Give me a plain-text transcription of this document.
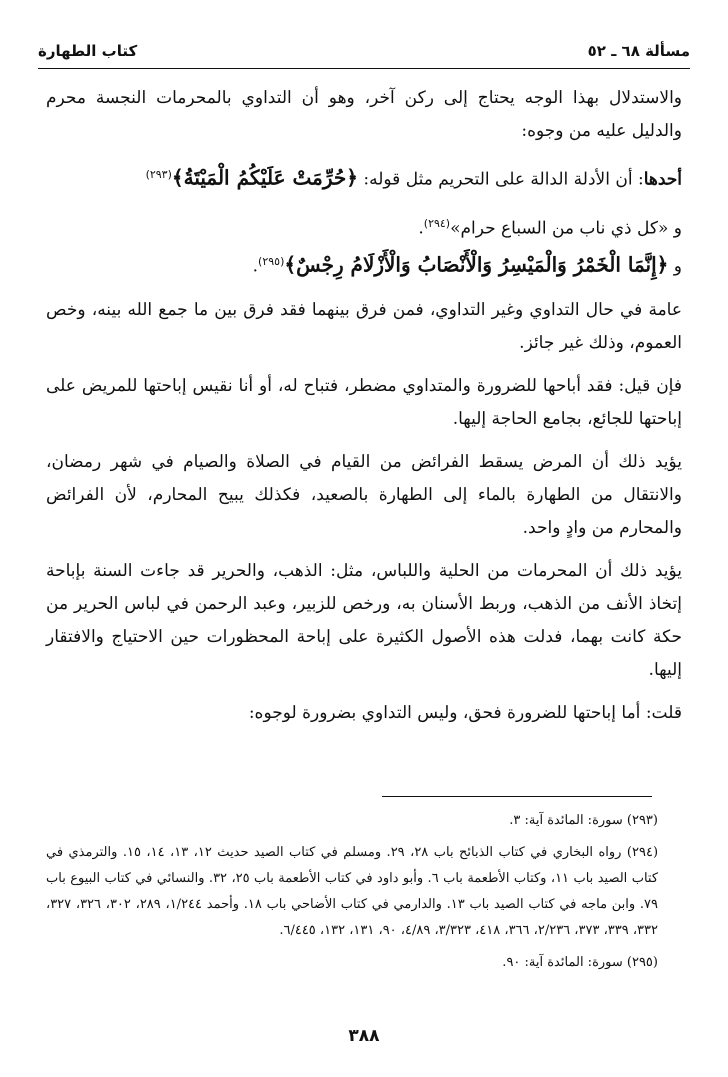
مسألة ٦٨ ـ ٥٢
كتاب الطهارة

والاستدلال بهذا الوجه يحتاج إلى ركن آخر، وهو أن التداوي بالمحرمات النجسة محرم والدليل عليه من وجوه:

أحدها: أن الأدلة الدالة على التحريم مثل قوله: ﴿حُرِّمَتْ عَلَيْكُمُ الْمَيْتَةُ﴾$^{(٢٩٣)}$

و «كل ذي ناب من السباع حرام»$^{(٢٩٤)}$.

و ﴿إِنَّمَا الْخَمْرُ وَالْمَيْسِرُ وَالْأَنْصَابُ وَالْأَزْلَامُ رِجْسٌ﴾$^{(٢٩٥)}$.

عامة في حال التداوي وغير التداوي، فمن فرق بينهما فقد فرق بين ما جمع الله بينه، وخص العموم، وذلك غير جائز.

فإن قيل: فقد أباحها للضرورة والمتداوي مضطر، فتباح له، أو أنا نقيس إباحتها للمريض على إباحتها للجائع، بجامع الحاجة إليها.

يؤيد ذلك أن المرض يسقط الفرائض من القيام في الصلاة والصيام في شهر رمضان، والانتقال من الطهارة بالماء إلى الطهارة بالصعيد، فكذلك يبيح المحارم، لأن الفرائض والمحارم من وادٍ واحد.

يؤيد ذلك أن المحرمات من الحلية واللباس، مثل: الذهب، والحرير قد جاءت السنة بإباحة إتخاذ الأنف من الذهب، وربط الأسنان به، ورخص للزبير، وعبد الرحمن في لباس الحرير من حكة كانت بهما، فدلت هذه الأصول الكثيرة على إباحة المحظورات حين الاحتياج والافتقار إليها.

قلت: أما إباحتها للضرورة فحق، وليس التداوي بضرورة لوجوه:

(٢٩٣) سورة: المائدة آية: ٣.

(٢٩٤) رواه البخاري في كتاب الذبائح باب ٢٨، ٢٩. ومسلم في كتاب الصيد حديث ١٢، ١٣، ١٤، ١٥. والترمذي في كتاب الصيد باب ١١، وكتاب الأطعمة باب ٦. وأبو داود في كتاب الأطعمة باب ٢٥، ٣٢. والنسائي في كتاب البيوع باب ٧٩. وابن ماجه في كتاب الصيد باب ١٣. والدارمي في كتاب الأضاحي باب ١٨. وأحمد ١/٢٤٤، ٢٨٩، ٣٠٢، ٣٢٦، ٣٢٧، ٣٣٢، ٣٣٩، ٣٧٣، ٢/٢٣٦، ٣٦٦، ٤١٨، ٣/٣٢٣، ٤/٨٩، ٩٠، ١٣١، ١٣٢، ٦/٤٤٥.

(٢٩٥) سورة: المائدة آية: ٩٠.

٣٨٨
